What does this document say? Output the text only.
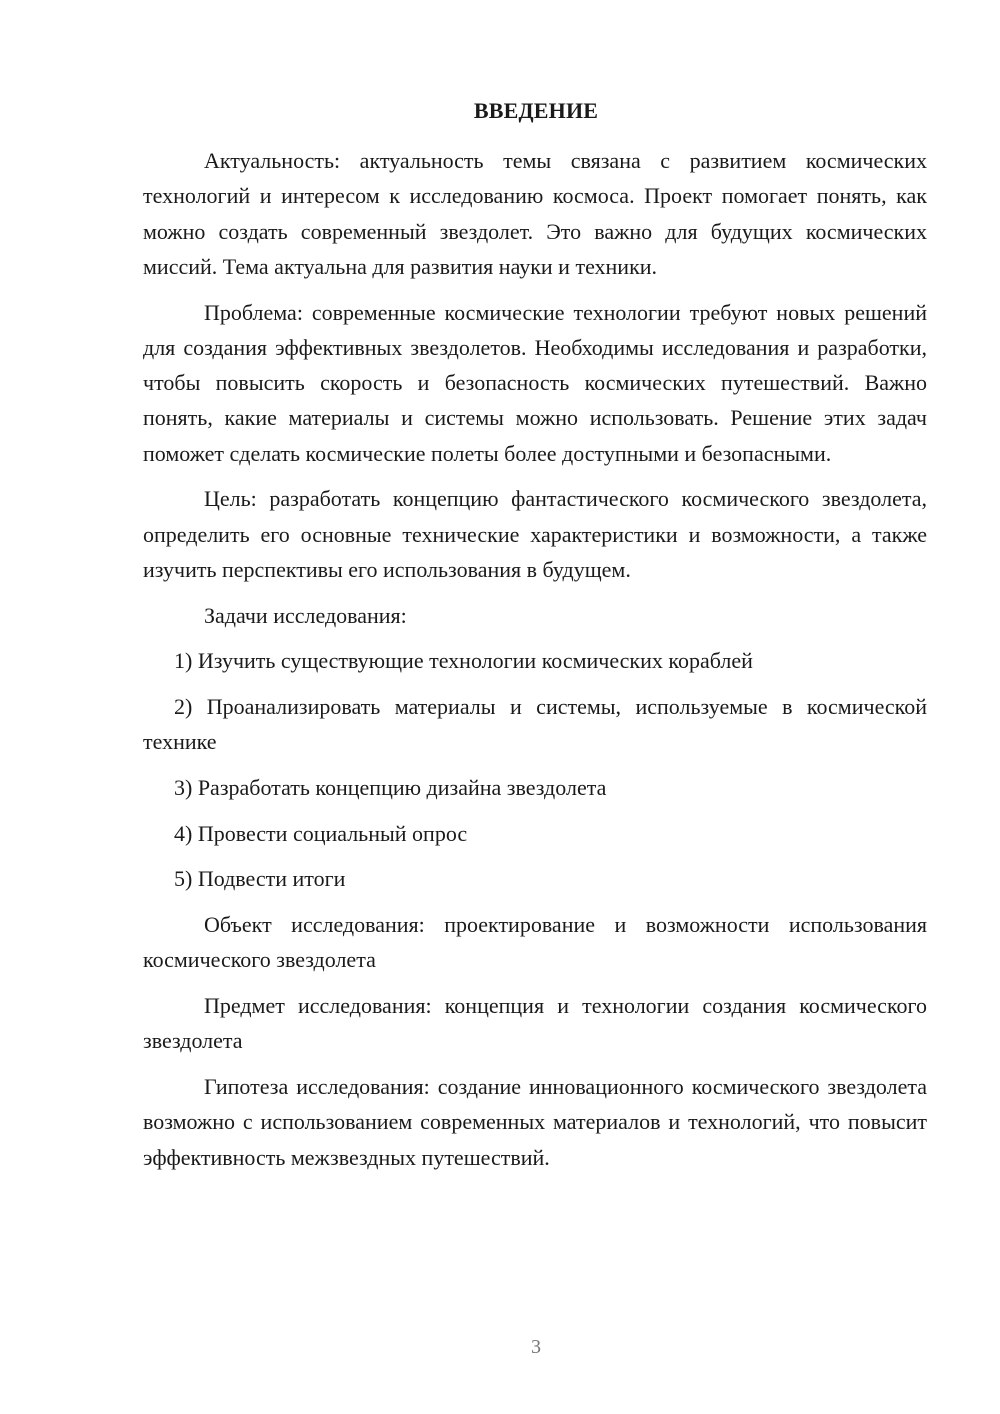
ВВЕДЕНИЕ

Актуальность: актуальность темы связана с развитием космических технологий и интересом к исследованию космоса. Проект помогает понять, как можно создать современный звездолет. Это важно для будущих космических миссий. Тема актуальна для развития науки и техники.

Проблема: современные космические технологии требуют новых решений для создания эффективных звездолетов. Необходимы исследования и разработки, чтобы повысить скорость и безопасность космических путешествий. Важно понять, какие материалы и системы можно использовать. Решение этих задач поможет сделать космические полеты более доступными и безопасными.

Цель: разработать концепцию фантастического космического звездолета, определить его основные технические характеристики и возможности, а также изучить перспективы его использования в будущем.

Задачи исследования:

1) Изучить существующие технологии космических кораблей

2) Проанализировать материалы и системы, используемые в космической технике

3) Разработать концепцию дизайна звездолета

4) Провести социальный опрос

5) Подвести итоги

Объект исследования: проектирование и возможности использования космического звездолета

Предмет исследования: концепция и технологии создания космического звездолета

Гипотеза исследования: создание инновационного космического звездолета возможно с использованием современных материалов и технологий, что повысит эффективность межзвездных путешествий.

3
